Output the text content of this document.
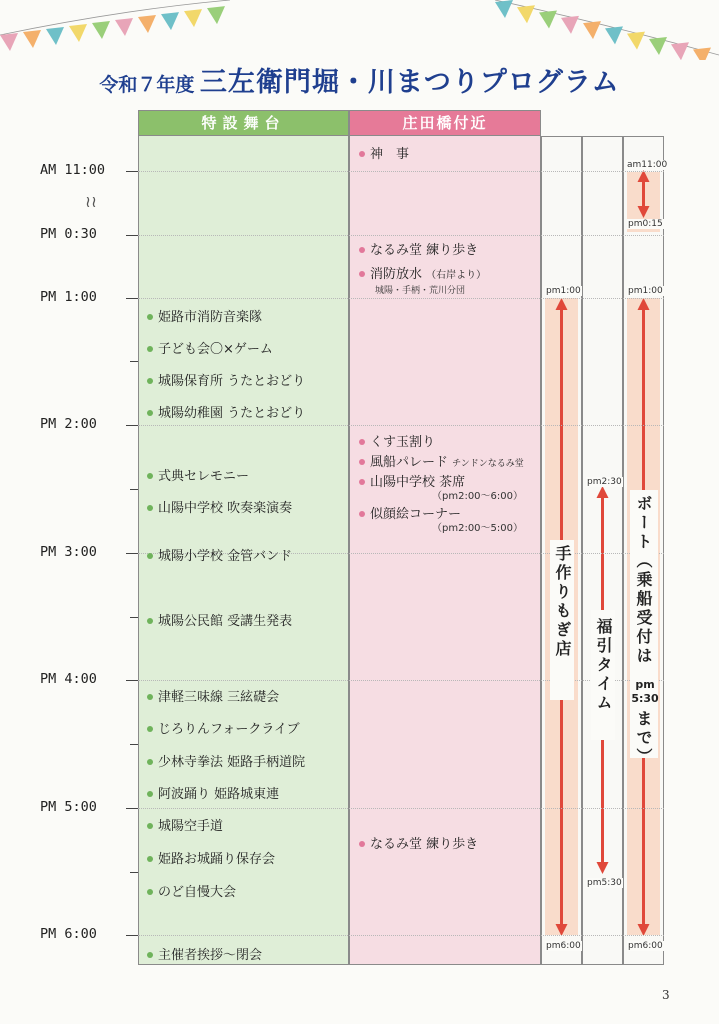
令和７年度 三左衛門堀・川まつりプログラム
特設舞台	庄田橋付近
AM 11:00
PM 0:30
PM 1:00
PM 2:00
PM 3:00
PM 4:00
PM 5:00
PM 6:00
≀≀
姫路市消防音楽隊
子ども会〇×ゲーム
城陽保育所 うたとおどり
城陽幼稚園 うたとおどり
式典セレモニー
山陽中学校 吹奏楽演奏
城陽小学校 金管バンド
城陽公民館 受講生発表
津軽三味線 三絃礎会
じろりんフォークライブ
少林寺拳法 姫路手柄道院
阿波踊り 姫路城東連
城陽空手道
姫路お城踊り保存会
のど自慢大会
主催者挨拶～閉会
神　事
なるみ堂 練り歩き
消防放水 （右岸より）
城陽・手柄・荒川分団
くす玉割り
風船パレード チンドンなるみ堂
山陽中学校 茶席
（pm2:00～6:00）
似顔絵コーナー
（pm2:00～5:00）
なるみ堂 練り歩き
pm1:00
pm6:00
pm2:30
pm5:30
am11:00
pm0:15
pm1:00
pm6:00
手作りもぎ店
福引タイム ボート（乗船受付は
pm
5:30
まで）
3
